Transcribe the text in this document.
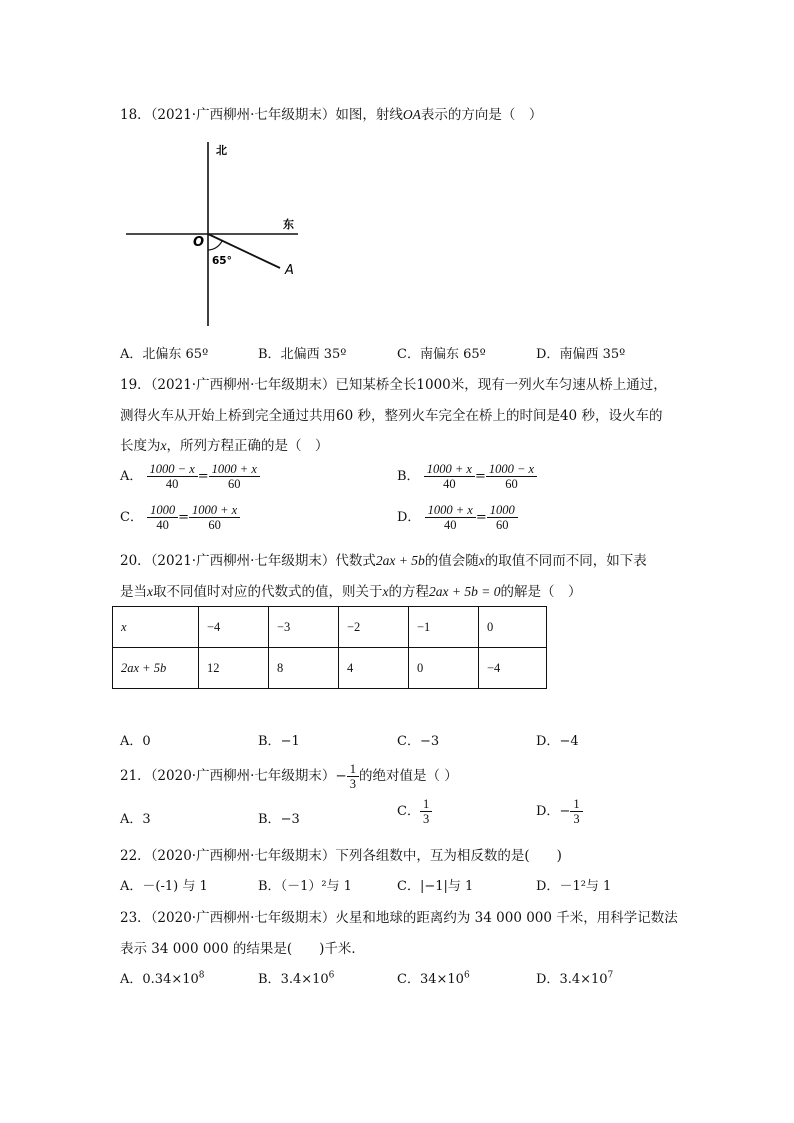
18．（2021·广西柳州·七年级期末）如图，射线OA表示的方向是（　）
北
东
O
A
65°
A．北偏东 65º	B．北偏西 35º	C．南偏东 65º	D．南偏西 35º
19．（2021·广西柳州·七年级期末）已知某桥全长1000米，现有一列火车匀速从桥上通过，
测得火车从开始上桥到完全通过共用60 秒，整列火车完全在桥上的时间是40 秒，设火车的
长度为x，所列方程正确的是（　）
A． $\frac{1000 - x}{40} = \frac{1000 + x}{60}$	B． $\frac{1000 + x}{40} = \frac{1000 - x}{60}$
C． $\frac{1000}{40} = \frac{1000 + x}{60}$	D． $\frac{1000 + x}{40} = \frac{1000}{60}$
20．（2021·广西柳州·七年级期末）代数式2ax + 5b的值会随x的取值不同而不同，如下表
是当x取不同值时对应的代数式的值，则关于x的方程2ax + 5b = 0的解是（　）
x	−4	−3	−2	−1	0
2ax + 5b	12	8	4	0	−4
A．0	B．−1	C．−3	D．−4
21．（2020·广西柳州·七年级期末）− $\frac{1}{3}$ 的绝对值是（ ）
A．3	B．−3
C． $\frac{1}{3}$	D．− $\frac{1}{3}$
22．（2020·广西柳州·七年级期末）下列各组数中，互为相反数的是(　　)
A．－(-1) 与 1	B．（－1）²与 1	C．|−1|与 1	D．－1²与 1
23．（2020·广西柳州·七年级期末）火星和地球的距离约为 34 000 000 千米，用科学记数法
表示 34 000 000 的结果是(　　)千米．
A．$0.34\times 10^8$	B．$3.4\times 10^6$	C．$34\times 10^6$	D．$3.4\times 10^7$
